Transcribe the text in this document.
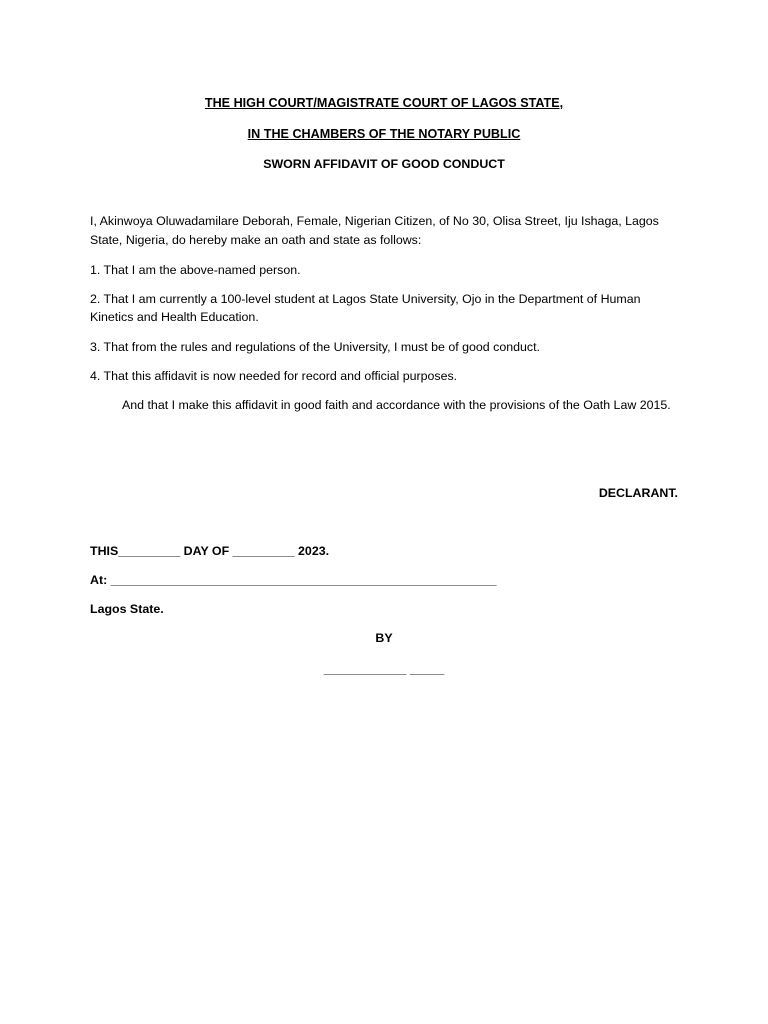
THE HIGH COURT/MAGISTRATE COURT OF LAGOS STATE,
IN THE CHAMBERS OF THE NOTARY PUBLIC
SWORN AFFIDAVIT OF GOOD CONDUCT
I, Akinwoya Oluwadamilare Deborah, Female, Nigerian Citizen, of No 30, Olisa Street, Iju Ishaga, Lagos
State, Nigeria, do hereby make an oath and state as follows:
1. That I am the above-named person.
2. That I am currently a 100-level student at Lagos State University, Ojo in the Department of Human
Kinetics and Health Education.
3. That from the rules and regulations of the University, I must be of good conduct.
4. That this affidavit is now needed for record and official purposes.
And that I make this affidavit in good faith and accordance with the provisions of the Oath Law 2015.
DECLARANT.
THIS_________ DAY OF _________ 2023.
At: ________________________________________________________
Lagos State.
BY
____________ _____
